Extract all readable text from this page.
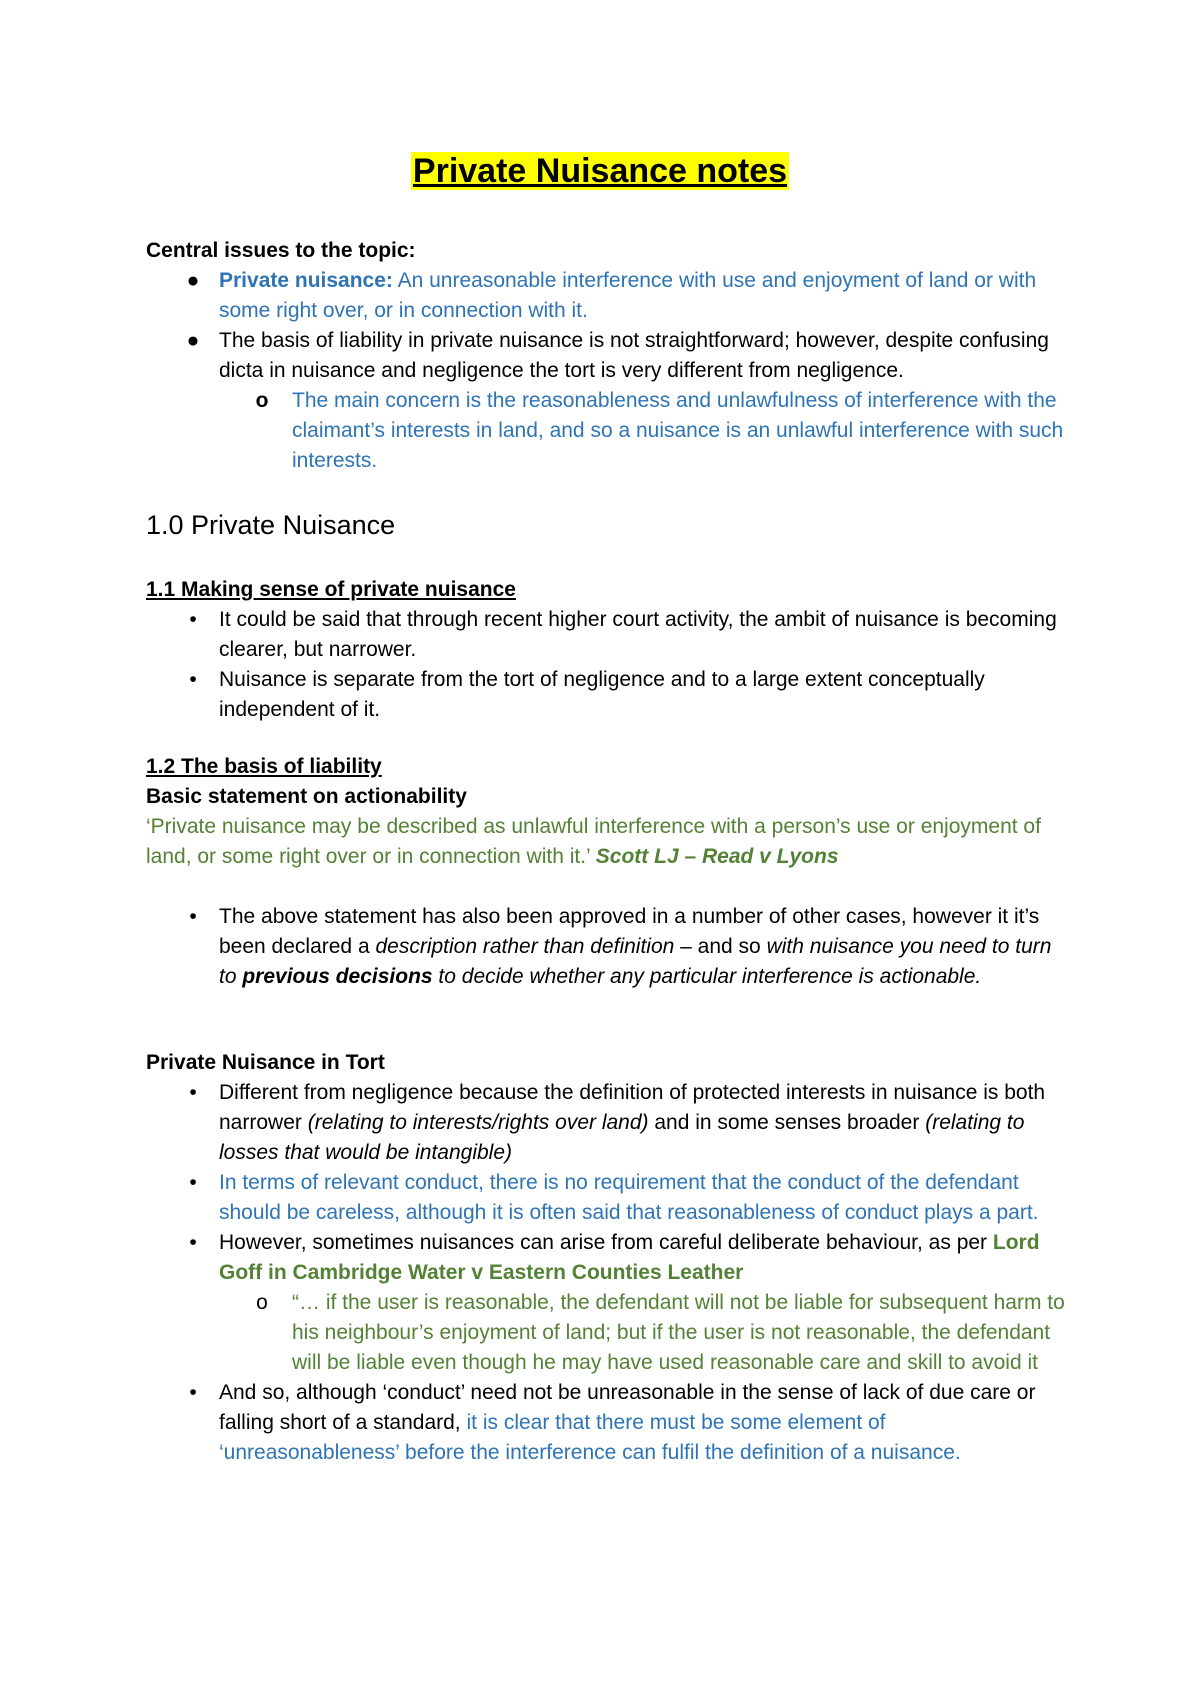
Private Nuisance notes

Central issues to the topic:

● Private nuisance: An unreasonable interference with use and enjoyment of land or with some right over, or in connection with it.
● The basis of liability in private nuisance is not straightforward; however, despite confusing dicta in nuisance and negligence the tort is very different from negligence.
o The main concern is the reasonableness and unlawfulness of interference with the claimant’s interests in land, and so a nuisance is an unlawful interference with such interests.
1.0 Private Nuisance

1.1 Making sense of private nuisance

•	It could be said that through recent higher court activity, the ambit of nuisance is becoming clearer, but narrower.
•	Nuisance is separate from the tort of negligence and to a large extent conceptually independent of it.

1.2 The basis of liability

Basic statement on actionability

‘Private nuisance may be described as unlawful interference with a person’s use or enjoyment of land, or some right over or in connection with it.’ Scott LJ – Read v Lyons

•	The above statement has also been approved in a number of other cases, however it it’s been declared a description rather than definition – and so with nuisance you need to turn to previous decisions to decide whether any particular interference is actionable.

Private Nuisance in Tort

•	Different from negligence because the definition of protected interests in nuisance is both narrower (relating to interests/rights over land) and in some senses broader (relating to losses that would be intangible)
•	In terms of relevant conduct, there is no requirement that the conduct of the defendant should be careless, although it is often said that reasonableness of conduct plays a part.
•	However, sometimes nuisances can arise from careful deliberate behaviour, as per Lord Goff in Cambridge Water v Eastern Counties Leather
o “… if the user is reasonable, the defendant will not be liable for subsequent harm to his neighbour’s enjoyment of land; but if the user is not reasonable, the defendant will be liable even though he may have used reasonable care and skill to avoid it
•	And so, although ‘conduct’ need not be unreasonable in the sense of lack of due care or falling short of a standard, it is clear that there must be some element of ‘unreasonableness’ before the interference can fulfil the definition of a nuisance.
